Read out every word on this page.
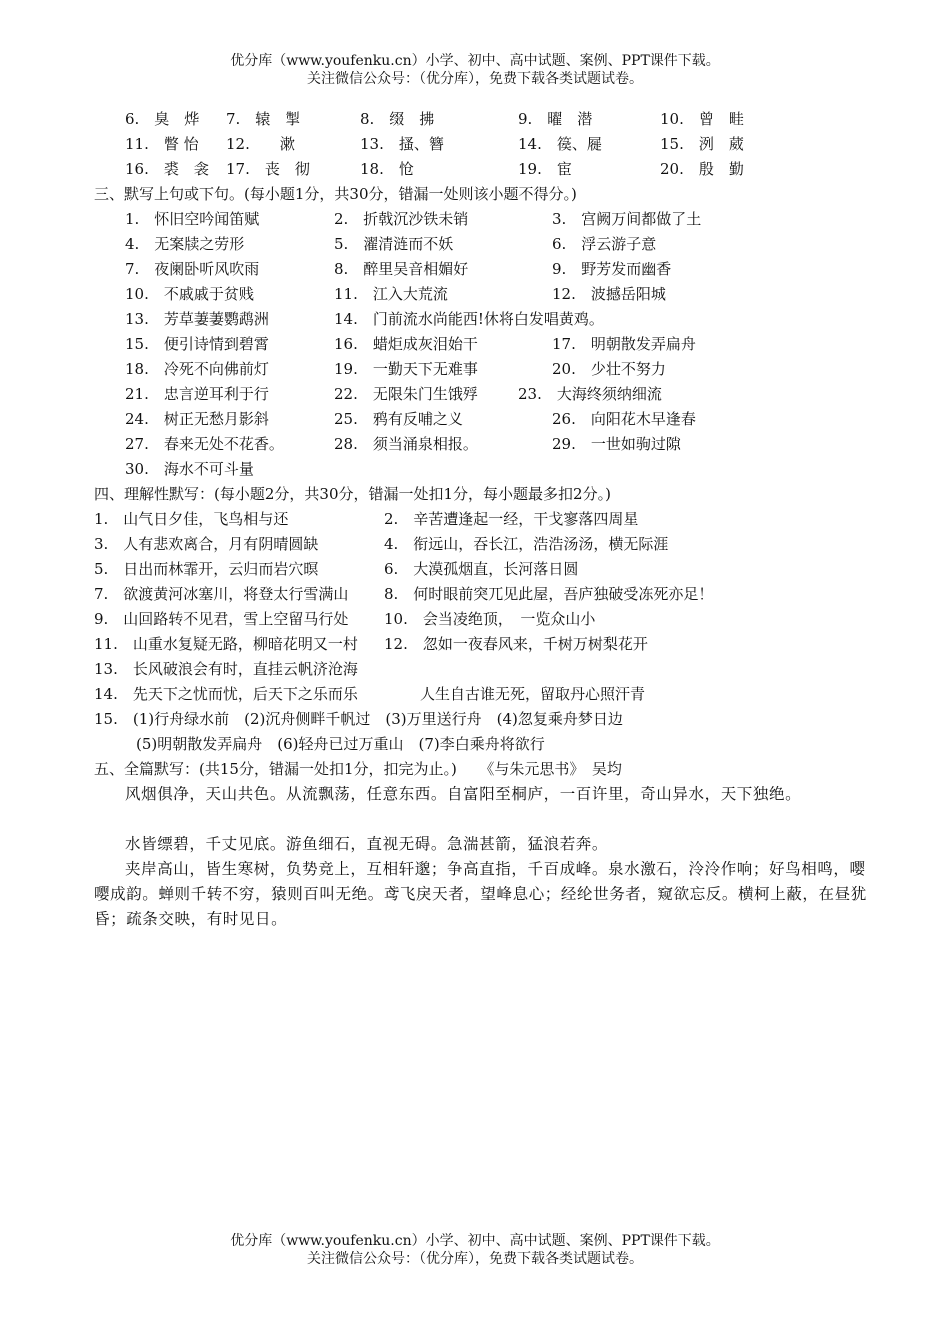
优分库（www.youfenku.cn）小学、初中、高中试题、案例、PPT课件下载。
关注微信公众号：（优分库），免费下载各类试题试卷。
6.　臭　烨 7.　辕　掣	8.　缀　拂	9.　曜　潜	10.　曾　畦
11.　瞥 怡 12.　　漱	13.　搔、簪	14.　篌、屣	15.　洌　葳
16.　裘　衾 17.　丧　彻	18.　怆	19.　宦	20.　殷　勤
三、默写上句或下句。(每小题1分，共30分，错漏一处则该小题不得分。)
1.　怀旧空吟闻笛赋	2.　折戟沉沙铁未销	3.　宫阙万间都做了土
4.　无案牍之劳形	5.　濯清涟而不妖	6.　浮云游子意
7.　夜阑卧听风吹雨	8.　醉里吴音相媚好	9.　野芳发而幽香
10.　不戚戚于贫贱	11.　江入大荒流	12.　波撼岳阳城
13.　芳草萋萋鹦鹉洲	14.　门前流水尚能西!休将白发唱黄鸡。
15.　便引诗情到碧霄	16.　蜡炬成灰泪始干	17.　明朝散发弄扁舟
18.　冷死不向佛前灯	19.　一勤天下无难事	20.　少壮不努力
21.　忠言逆耳利于行	22.　无限朱门生饿殍	23.　大海终须纳细流
24.　树正无愁月影斜	25.　鸦有反哺之义	26.　向阳花木早逢春
27.　春来无处不花香。	28.　须当涌泉相报。	29.　一世如驹过隙
30.　海水不可斗量
四、理解性默写：(每小题2分，共30分，错漏一处扣1分，每小题最多扣2分。)
1.　山气日夕佳，飞鸟相与还	2.　辛苦遭逢起一经，干戈寥落四周星
3.　人有悲欢离合，月有阴晴圆缺	4.　衔远山，吞长江，浩浩汤汤，横无际涯
5.　日出而林霏开，云归而岩穴暝	6.　大漠孤烟直，长河落日圆
7.　欲渡黄河冰塞川，将登太行雪满山 8.　何时眼前突兀见此屋，吾庐独破受冻死亦足！
9.　山回路转不见君，雪上空留马行处 10.　会当凌绝顶，　一览众山小
11.　山重水复疑无路，柳暗花明又一村 12.　忽如一夜春风来，千树万树梨花开
13.　长风破浪会有时，直挂云帆济沧海
14.　先天下之忧而忧，后天下之乐而乐	人生自古谁无死，留取丹心照汗青
15.　(1)行舟绿水前　(2)沉舟侧畔千帆过　(3)万里送行舟　(4)忽复乘舟梦日边
(5)明朝散发弄扁舟　(6)轻舟已过万重山　(7)李白乘舟将欲行
五、全篇默写：(共15分，错漏一处扣1分，扣完为止。)　　《与朱元思书》　吴均
风烟俱净，天山共色。从流飘荡，任意东西。自富阳至桐庐，一百许里，奇山异水，天下独绝。
水皆缥碧，千丈见底。游鱼细石，直视无碍。急湍甚箭，猛浪若奔。
夹岸高山，皆生寒树，负势竞上，互相轩邈；争高直指，千百成峰。泉水激石，泠泠作响；好鸟相鸣，嘤嘤成韵。蝉则千转不穷，猿则百叫无绝。鸢飞戾天者，望峰息心；经纶世务者，窥欲忘反。横柯上蔽，在昼犹昏；疏条交映，有时见日。
优分库（www.youfenku.cn）小学、初中、高中试题、案例、PPT课件下载。
关注微信公众号：（优分库），免费下载各类试题试卷。
